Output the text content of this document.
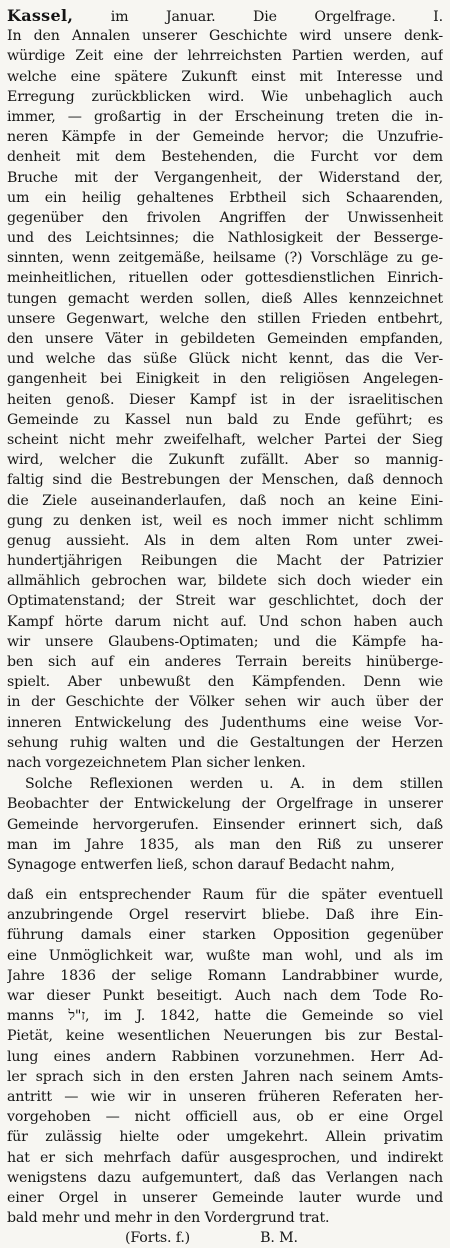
Kassel, im Januar. Die Orgelfrage. I.
In den Annalen unserer Geschichte wird unsere denk-
würdige Zeit eine der lehrreichsten Partien werden, auf
welche eine spätere Zukunft einst mit Interesse und
Erregung zurückblicken wird. Wie unbehaglich auch
immer, — großartig in der Erscheinung treten die in-
neren Kämpfe in der Gemeinde hervor; die Unzufrie-
denheit mit dem Bestehenden, die Furcht vor dem
Bruche mit der Vergangenheit, der Widerstand der,
um ein heilig gehaltenes Erbtheil sich Schaarenden,
gegenüber den frivolen Angriffen der Unwissenheit
und des Leichtsinnes; die Nathlosigkeit der Besserge-
sinnten, wenn zeitgemäße, heilsame (?) Vorschläge zu ge-
meinheitlichen, rituellen oder gottesdienstlichen Einrich-
tungen gemacht werden sollen, dieß Alles kennzeichnet
unsere Gegenwart, welche den stillen Frieden entbehrt,
den unsere Väter in gebildeten Gemeinden empfanden,
und welche das süße Glück nicht kennt, das die Ver-
gangenheit bei Einigkeit in den religiösen Angelegen-
heiten genoß. Dieser Kampf ist in der israelitischen
Gemeinde zu Kassel nun bald zu Ende geführt; es
scheint nicht mehr zweifelhaft, welcher Partei der Sieg
wird, welcher die Zukunft zufällt. Aber so mannig-
faltig sind die Bestrebungen der Menschen, daß dennoch
die Ziele auseinanderlaufen, daß noch an keine Eini-
gung zu denken ist, weil es noch immer nicht schlimm
genug aussieht. Als in dem alten Rom unter zwei-
hundertjährigen Reibungen die Macht der Patrizier
allmählich gebrochen war, bildete sich doch wieder ein
Optimatenstand; der Streit war geschlichtet, doch der
Kampf hörte darum nicht auf. Und schon haben auch
wir unsere Glaubens-Optimaten; und die Kämpfe ha-
ben sich auf ein anderes Terrain bereits hinüberge-
spielt. Aber unbewußt den Kämpfenden. Denn wie
in der Geschichte der Völker sehen wir auch über der
inneren Entwickelung des Judenthums eine weise Vor-
sehung ruhig walten und die Gestaltungen der Herzen
nach vorgezeichnetem Plan sicher lenken.
Solche Reflexionen werden u. A. in dem stillen
Beobachter der Entwickelung der Orgelfrage in unserer
Gemeinde hervorgerufen. Einsender erinnert sich, daß
man im Jahre 1835, als man den Riß zu unserer
Synagoge entwerfen ließ, schon darauf Bedacht nahm,
daß ein entsprechender Raum für die später eventuell
anzubringende Orgel reservirt bliebe. Daß ihre Ein-
führung damals einer starken Opposition gegenüber
eine Unmöglichkeit war, wußte man wohl, und als im
Jahre 1836 der selige Romann Landrabbiner wurde,
war dieser Punkt beseitigt. Auch nach dem Tode Ro-
manns ז"ל, im J. 1842, hatte die Gemeinde so viel
Pietät, keine wesentlichen Neuerungen bis zur Bestal-
lung eines andern Rabbinen vorzunehmen. Herr Ad-
ler sprach sich in den ersten Jahren nach seinem Amts-
antritt — wie wir in unseren früheren Referaten her-
vorgehoben — nicht officiell aus, ob er eine Orgel
für zulässig hielte oder umgekehrt. Allein privatim
hat er sich mehrfach dafür ausgesprochen, und indirekt
wenigstens dazu aufgemuntert, daß das Verlangen nach
einer Orgel in unserer Gemeinde lauter wurde und
bald mehr und mehr in den Vordergrund trat.
(Forts. f.)	B. M.
